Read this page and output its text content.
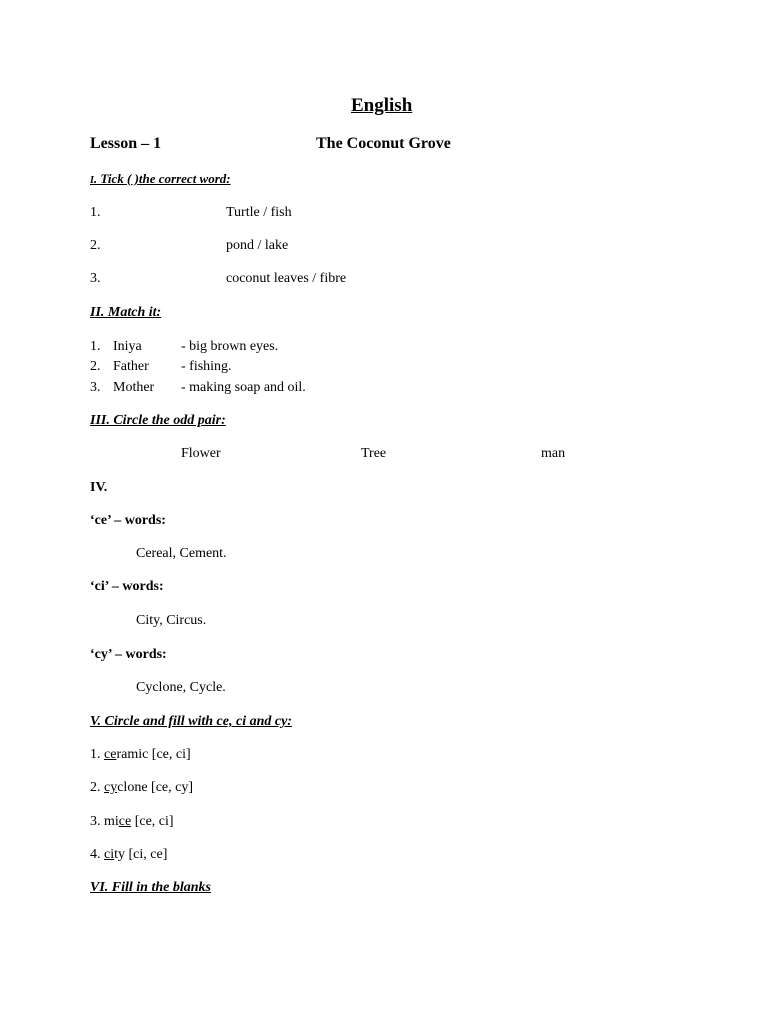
English
Lesson – 1	The Coconut Grove
I. Tick ( )the correct word:
1.	Turtle / fish
2.	pond / lake
3.	coconut leaves / fibre
II. Match it:
1. Iniya	- big brown eyes.
2. Father - fishing.
3. Mother - making soap and oil.
III. Circle the odd pair:
Flower	Tree	man
IV.
‘ce’ – words:
Cereal, Cement.
‘ci’ – words:
City, Circus.
‘cy’ – words:
Cyclone, Cycle.
V. Circle and fill with ce, ci and cy:
1. ceramic [ce, ci]
2. cyclone [ce, cy]
3. mice [ce, ci]
4. city [ci, ce]
VI. Fill in the blanks
